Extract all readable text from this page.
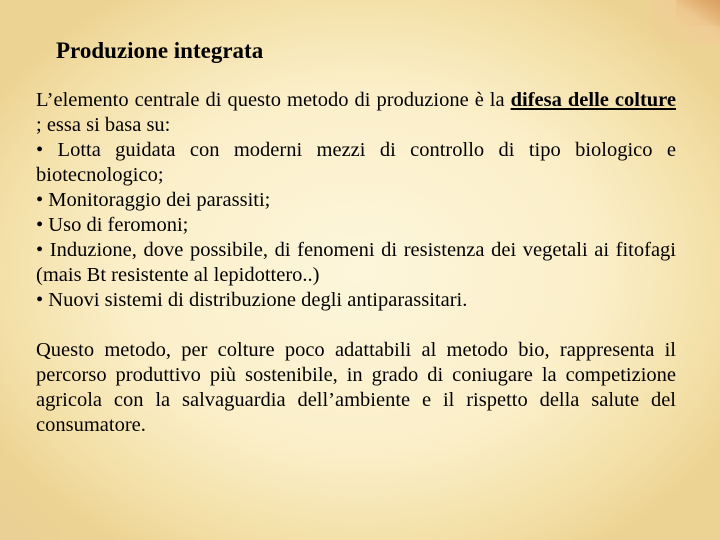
Produzione integrata

L’elemento centrale di questo metodo di produzione è la difesa delle colture ; essa si basa su:

• Lotta guidata con moderni mezzi di controllo di tipo biologico e biotecnologico;
• Monitoraggio dei parassiti;
• Uso di feromoni;
• Induzione, dove possibile, di fenomeni di resistenza dei vegetali ai fitofagi (mais Bt resistente al lepidottero..)
• Nuovi sistemi di distribuzione degli antiparassitari.

Questo metodo, per colture poco adattabili al metodo bio, rappresenta il percorso produttivo più sostenibile, in grado di coniugare la competizione agricola con la salvaguardia dell’ambiente e il rispetto della salute del consumatore.
